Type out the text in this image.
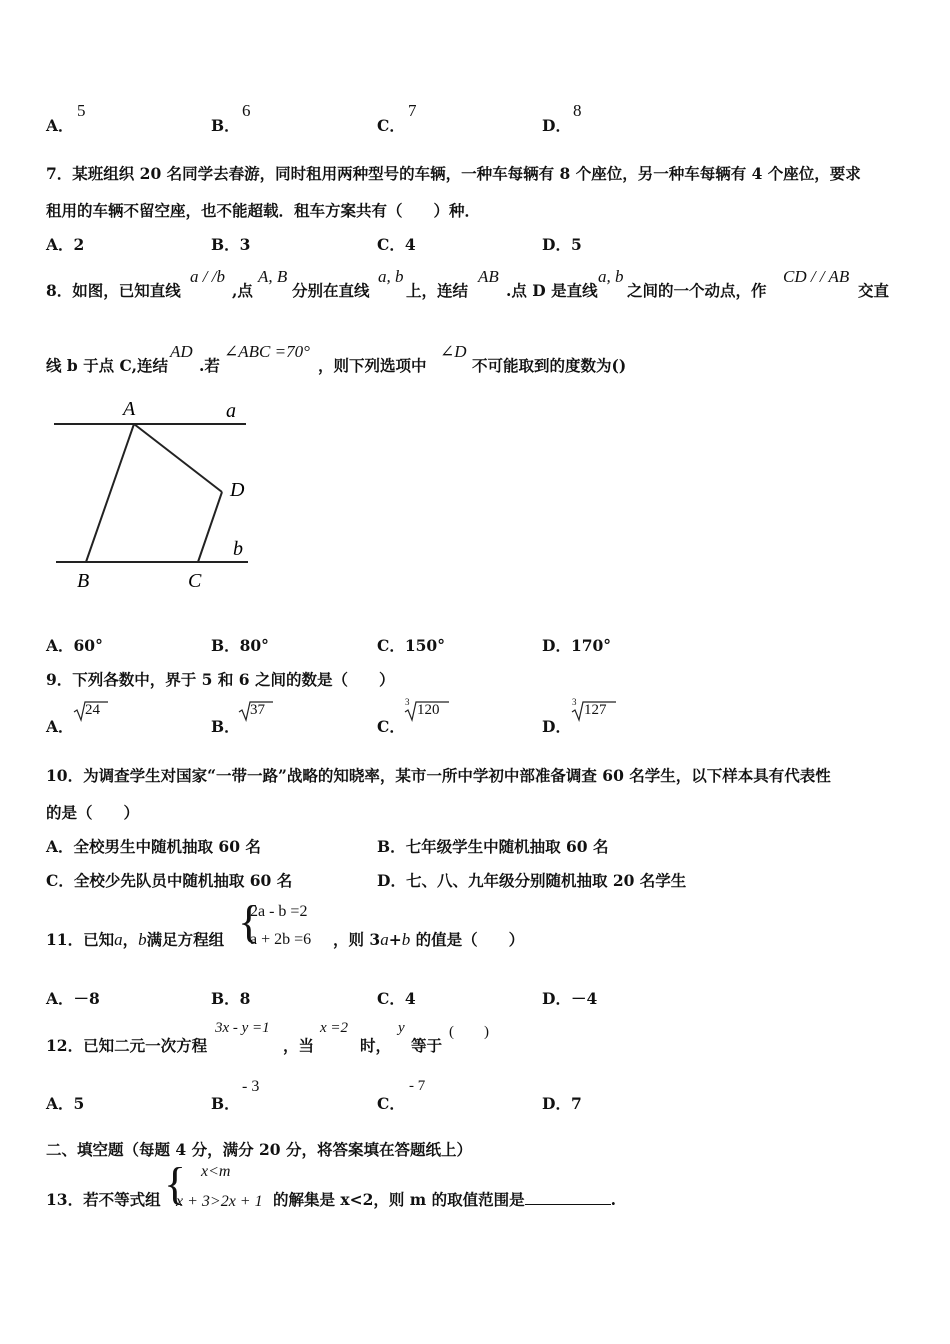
A．
5
B．
6
C．
7
D．
8
7．某班组织 20 名同学去春游，同时租用两种型号的车辆，一种车每辆有 8 个座位，另一种车每辆有 4 个座位，要求
租用的车辆不留空座，也不能超载．租车方案共有（　　）种．
A．2	B．3	C．4	D．5
8．如图，已知直线
a / /b
,点
A, B
分别在直线
a, b
上，连结
AB
.点 D 是直线
a, b
之间的一个动点，作
CD / / AB
交直
线 b 于点 C,连结
AD
.若
∠ABC =70°
，则下列选项中
∠D
不可能取到的度数为()
A	a
D
b
B	C
A．60°	B．80°	C．150°	D．170°
9．下列各数中，界于 5 和 6 之间的数是（　　）
A．
24
B．
37
C．
3 120
D．
3 127
10．为调查学生对国家“一带一路”战略的知晓率，某市一所中学初中部准备调查 60 名学生，以下样本具有代表性
的是（　　）
A．全校男生中随机抽取 60 名	B．七年级学生中随机抽取 60 名
C．全校少先队员中随机抽取 60 名	D．七、八、九年级分别随机抽取 20 名学生
11．已知a，b满足方程组 {
2a - b =2
a + 2b =6 ，则 3a+b 的值是（　　）
A．－8	B．8	C．4	D．－4
12．已知二元一次方程
3x - y =1
，当
x =2
时，
y
等于
(　　)
A．5	B．
- 3
C．
- 7
D．7
二、填空题（每题 4 分，满分 20 分，将答案填在答题纸上）
13．若不等式组 { x<m
x + 3>2x + 1 的解集是 x<2，则 m 的取值范围是	.
